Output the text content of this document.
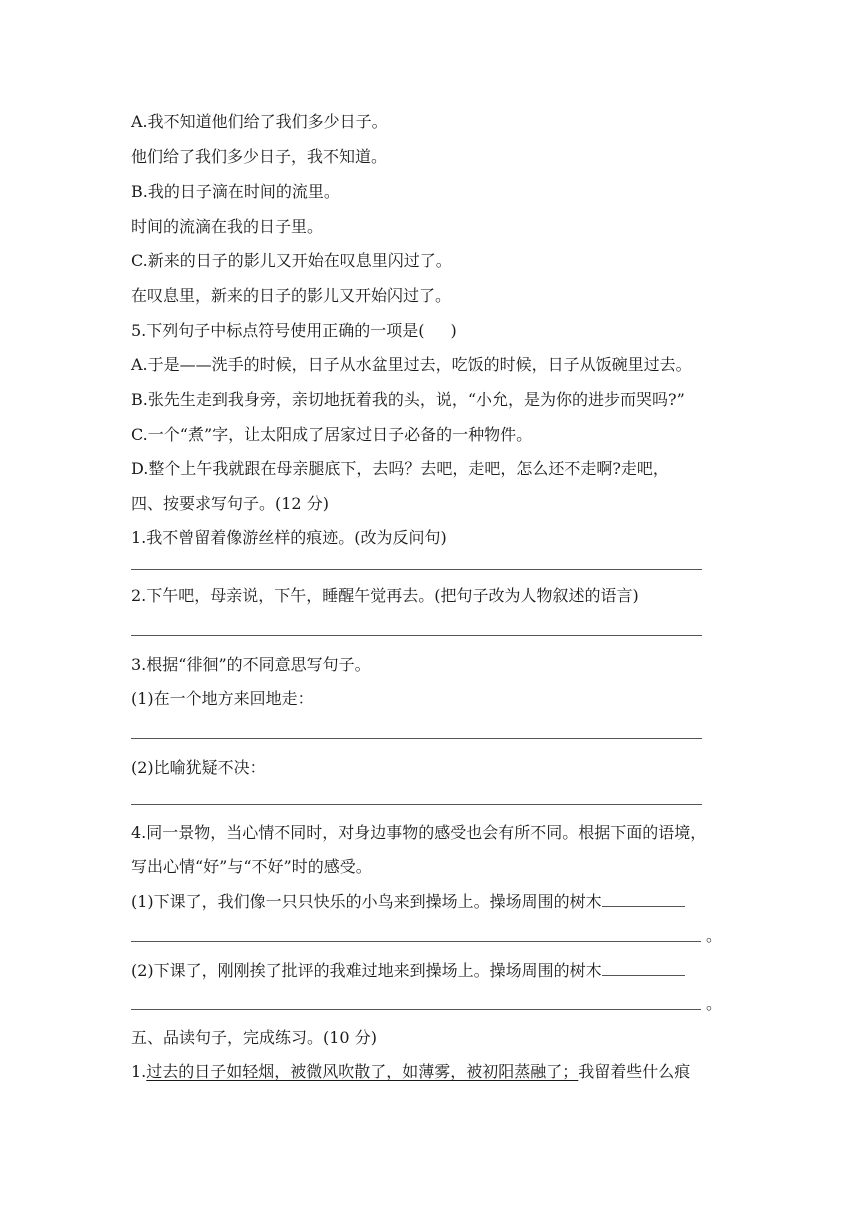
A.我不知道他们给了我们多少日子。
他们给了我们多少日子，我不知道。
B.我的日子滴在时间的流里。
时间的流滴在我的日子里。
C.新来的日子的影儿又开始在叹息里闪过了。
在叹息里，新来的日子的影儿又开始闪过了。
5.下列句子中标点符号使用正确的一项是( )
A.于是——洗手的时候，日子从水盆里过去，吃饭的时候，日子从饭碗里过去。
B.张先生走到我身旁，亲切地抚着我的头，说，“小允，是为你的进步而哭吗?”
C.一个“煮”字，让太阳成了居家过日子必备的一种物件。
D.整个上午我就跟在母亲腿底下，去吗？去吧，走吧，怎么还不走啊?走吧，
四、按要求写句子。(12 分)
1.我不曾留着像游丝样的痕迹。(改为反问句)
2.下午吧，母亲说，下午，睡醒午觉再去。(把句子改为人物叙述的语言)
3.根据“徘徊”的不同意思写句子。
(1)在一个地方来回地走：
(2)比喻犹疑不决：
4.同一景物，当心情不同时，对身边事物的感受也会有所不同。根据下面的语境，
写出心情“好”与“不好”时的感受。
(1)下课了，我们像一只只快乐的小鸟来到操场上。操场周围的树木
。
(2)下课了，刚刚挨了批评的我难过地来到操场上。操场周围的树木
。
五、品读句子，完成练习。(10 分)
1.过去的日子如轻烟，被微风吹散了，如薄雾，被初阳蒸融了；我留着些什么痕
